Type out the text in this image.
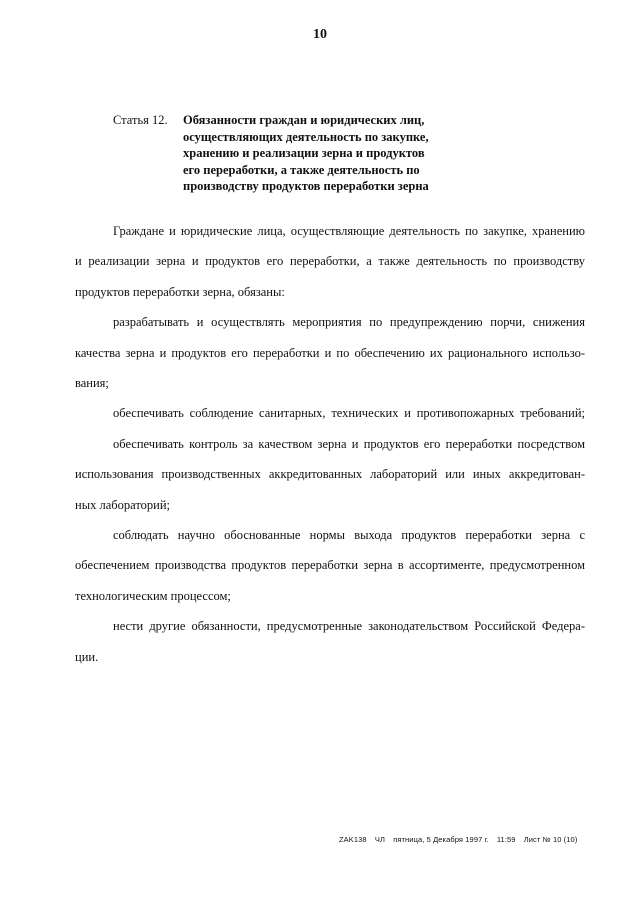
10
Статья 12. Обязанности граждан и юридических лиц,
осуществляющих деятельность по закупке,
хранению и реализации зерна и продуктов
его переработки, а также деятельность по
производству продуктов переработки зерна

Граждане и юридические лица, осуществляющие деятельность по закупке, хранению
и реализации зерна и продуктов его переработки, а также деятельность по производству
продуктов переработки зерна, обязаны:

разрабатывать и осуществлять мероприятия по предупреждению порчи, снижения
качества зерна и продуктов его переработки и по обеспечению их рационального использо-
вания;

обеспечивать соблюдение санитарных, технических и противопожарных требований;

обеспечивать контроль за качеством зерна и продуктов его переработки посредством
использования производственных аккредитованных лабораторий или иных аккредитован-
ных лабораторий;

соблюдать научно обоснованные нормы выхода продуктов переработки зерна с
обеспечением производства продуктов переработки зерна в ассортименте, предусмотренном
технологическим процессом;

нести другие обязанности, предусмотренные законодательством Российской Федера-
ции.

ZAK138 ЧЛ пятница, 5 Декабря 1997 г. 11:59 Лист № 10 (10)
